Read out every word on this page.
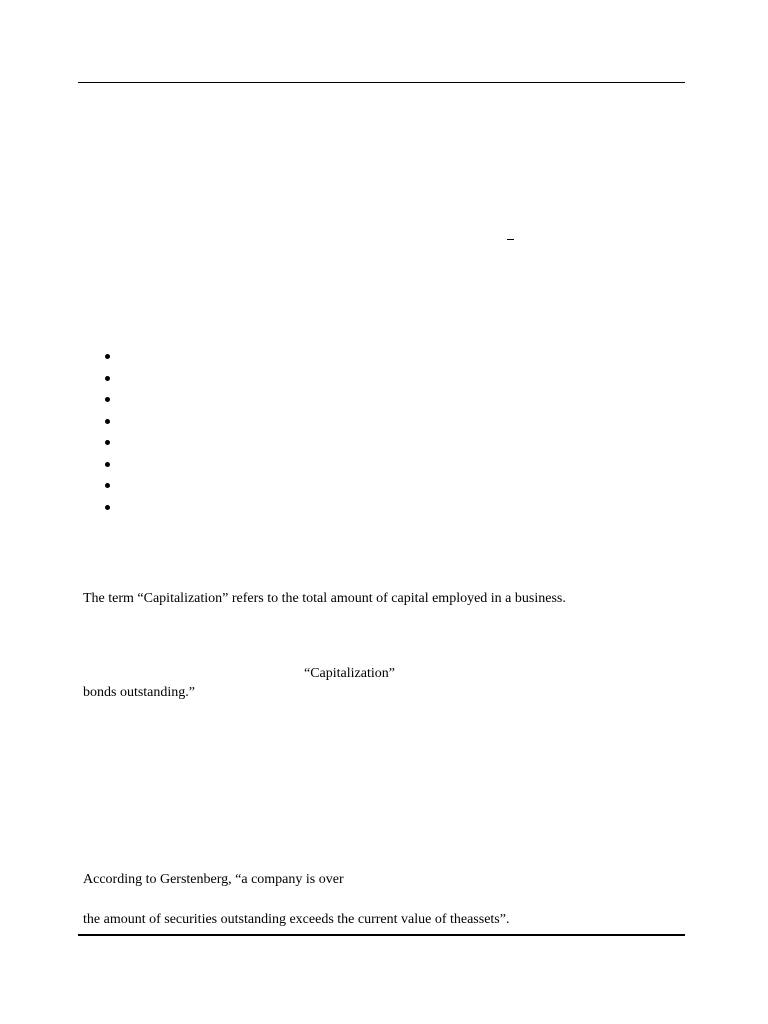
The term “Capitalization” refers to the total amount of capital employed in a business.
“Capitalization”
bonds outstanding.”
According to Gerstenberg, “a company is over
the amount of securities outstanding exceeds the current value of theassets”.
